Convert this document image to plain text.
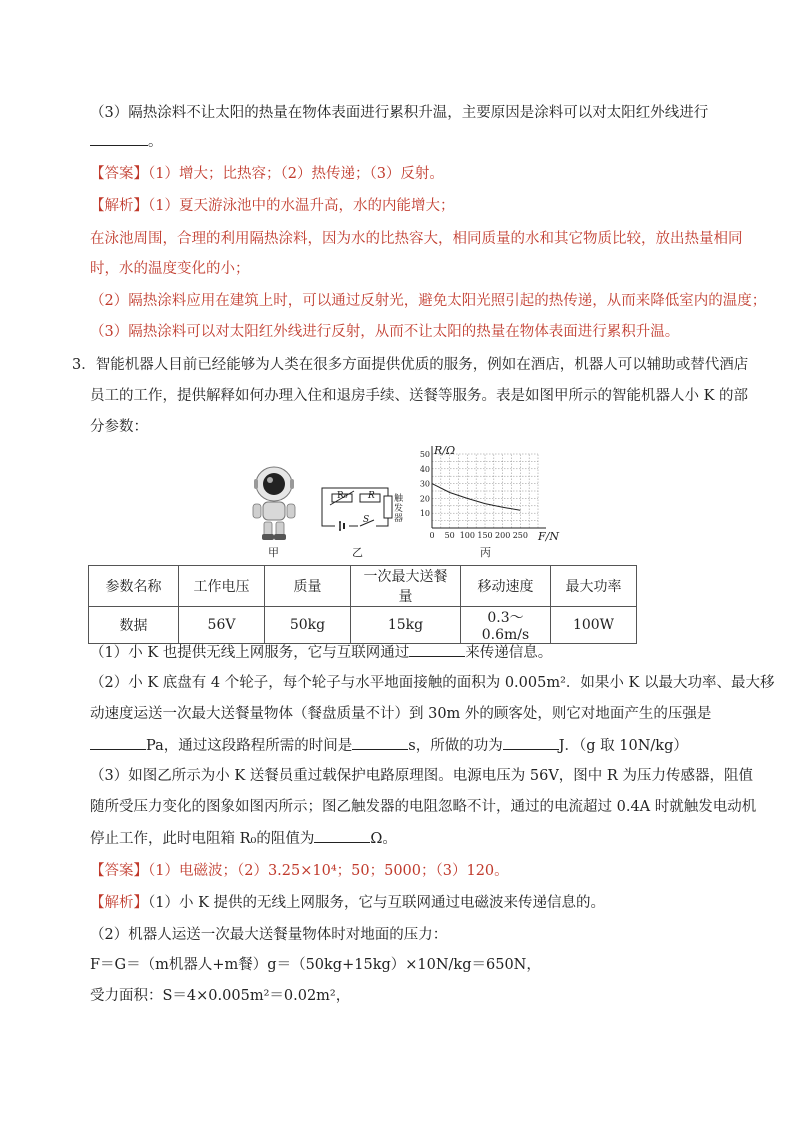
（3）隔热涂料不让太阳的热量在物体表面进行累积升温，主要原因是涂料可以对太阳红外线进行
。
【答案】（1）增大；比热容；（2）热传递；（3）反射。
【解析】（1）夏天游泳池中的水温升高，水的内能增大；
在泳池周围，合理的利用隔热涂料，因为水的比热容大，相同质量的水和其它物质比较，放出热量相同
时，水的温度变化的小；
（2）隔热涂料应用在建筑上时，可以通过反射光，避免太阳光照引起的热传递，从而来降低室内的温度；
（3）隔热涂料可以对太阳红外线进行反射，从而不让太阳的热量在物体表面进行累积升温。
3．智能机器人目前已经能够为人类在很多方面提供优质的服务，例如在酒店，机器人可以辅助或替代酒店
员工的工作，提供解释如何办理入住和退房手续、送餐等服务。表是如图甲所示的智能机器人小 K 的部
分参数：
R₀ R
S
触发器
10
20
30
40
50
0 50 100 150 200 250
R/Ω
F/N
甲	乙	丙
参数名称	工作电压	质量	一次最大送餐量	移动速度	最大功率
数据	56V	50kg	15kg	0.3～0.6m/s	100W
（1）小 K 也提供无线上网服务，它与互联网通过	来传递信息。
（2）小 K 底盘有 4 个轮子，每个轮子与水平地面接触的面积为 0.005m²．如果小 K 以最大功率、最大移
动速度运送一次最大送餐量物体（餐盘质量不计）到 30m 外的顾客处，则它对地面产生的压强是
Pa，通过这段路程所需的时间是	s，所做的功为	J．（g 取 10N/kg）
（3）如图乙所示为小 K 送餐员重过载保护电路原理图。电源电压为 56V，图中 R 为压力传感器，阻值
随所受压力变化的图象如图丙所示；图乙触发器的电阻忽略不计，通过的电流超过 0.4A 时就触发电动机
停止工作，此时电阻箱 R₀的阻值为	Ω。
【答案】（1）电磁波；（2）3.25×10⁴；50；5000；（3）120。
【解析】（1）小 K 提供的无线上网服务，它与互联网通过电磁波来传递信息的。
（2）机器人运送一次最大送餐量物体时对地面的压力：
F＝G＝（m机器人+m餐）g＝（50kg+15kg）×10N/kg＝650N，
受力面积：S＝4×0.005m²＝0.02m²，
